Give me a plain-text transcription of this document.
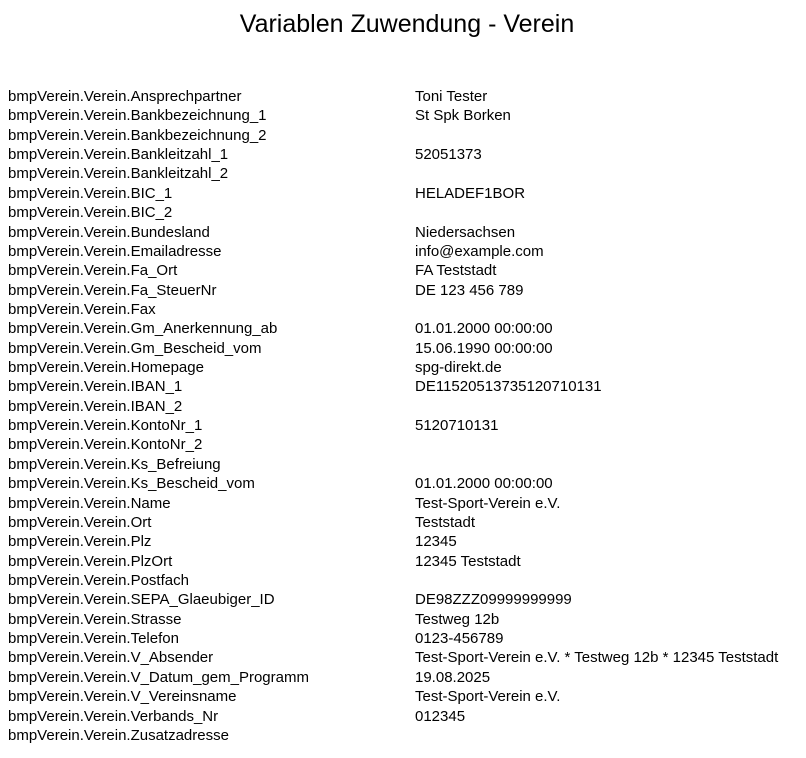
Variablen Zuwendung - Verein
bmpVerein.Verein.Ansprechpartner	Toni Tester
bmpVerein.Verein.Bankbezeichnung_1	St Spk Borken
bmpVerein.Verein.Bankbezeichnung_2
bmpVerein.Verein.Bankleitzahl_1	52051373
bmpVerein.Verein.Bankleitzahl_2
bmpVerein.Verein.BIC_1	HELADEF1BOR
bmpVerein.Verein.BIC_2
bmpVerein.Verein.Bundesland	Niedersachsen
bmpVerein.Verein.Emailadresse	info@example.com
bmpVerein.Verein.Fa_Ort	FA Teststadt
bmpVerein.Verein.Fa_SteuerNr	DE 123 456 789
bmpVerein.Verein.Fax
bmpVerein.Verein.Gm_Anerkennung_ab	01.01.2000 00:00:00
bmpVerein.Verein.Gm_Bescheid_vom	15.06.1990 00:00:00
bmpVerein.Verein.Homepage	spg-direkt.de
bmpVerein.Verein.IBAN_1	DE11520513735120710131
bmpVerein.Verein.IBAN_2
bmpVerein.Verein.KontoNr_1	5120710131
bmpVerein.Verein.KontoNr_2
bmpVerein.Verein.Ks_Befreiung
bmpVerein.Verein.Ks_Bescheid_vom	01.01.2000 00:00:00
bmpVerein.Verein.Name	Test-Sport-Verein e.V.
bmpVerein.Verein.Ort	Teststadt
bmpVerein.Verein.Plz	12345
bmpVerein.Verein.PlzOrt	12345 Teststadt
bmpVerein.Verein.Postfach
bmpVerein.Verein.SEPA_Glaeubiger_ID	DE98ZZZ09999999999
bmpVerein.Verein.Strasse	Testweg 12b
bmpVerein.Verein.Telefon	0123-456789
bmpVerein.Verein.V_Absender	Test-Sport-Verein e.V. * Testweg 12b * 12345 Teststadt
bmpVerein.Verein.V_Datum_gem_Programm	19.08.2025
bmpVerein.Verein.V_Vereinsname	Test-Sport-Verein e.V.
bmpVerein.Verein.Verbands_Nr	012345
bmpVerein.Verein.Zusatzadresse
